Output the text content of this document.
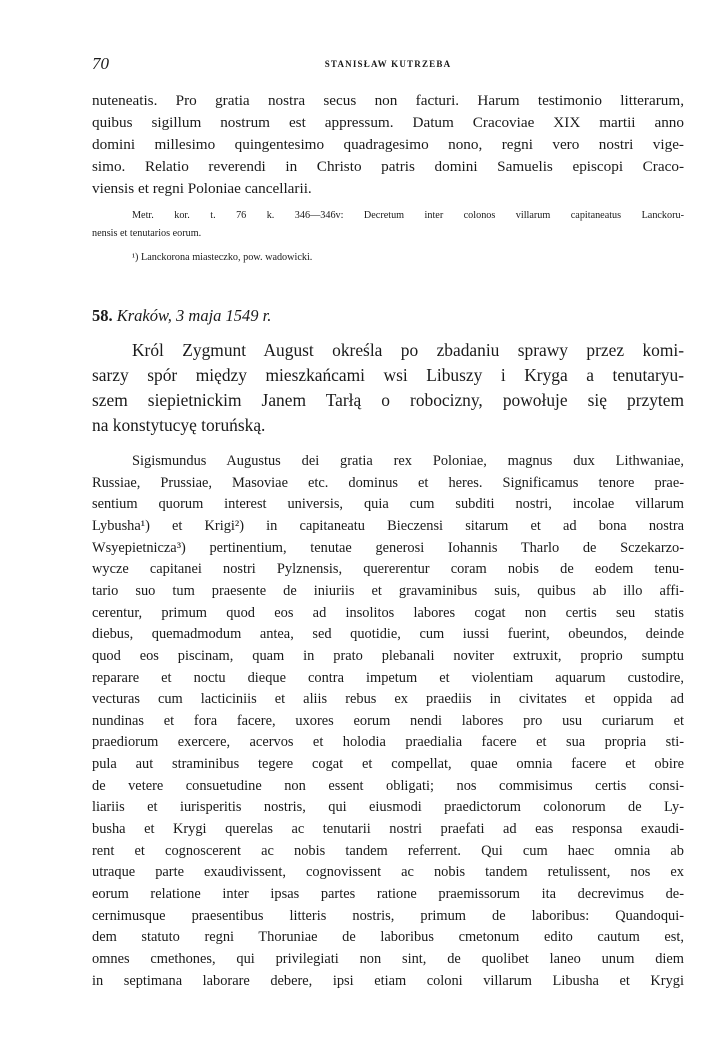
70	STANISŁAW KUTRZEBA
nuteneatis. Pro gratia nostra secus non facturi. Harum testimonio litterarum,
quibus sigillum nostrum est appressum. Datum Cracoviae XIX martii anno
domini millesimo quingentesimo quadragesimo nono, regni vero nostri vige-
simo. Relatio reverendi in Christo patris domini Samuelis episcopi Craco-
viensis et regni Poloniae cancellarii.
Metr. kor. t. 76 k. 346—346v: Decretum inter colonos villarum capitaneatus Lanckoru-
nensis et tenutarios eorum.
¹) Lanckorona miasteczko, pow. wadowicki.
58. Kraków, 3 maja 1549 r.
Król Zygmunt August określa po zbadaniu sprawy przez komi-
sarzy spór między mieszkańcami wsi Libuszy i Kryga a tenutaryu-
szem siepietnickim Janem Tarłą o robocizny, powołuje się przytem
na konstytucyę toruńską.
Sigismundus Augustus dei gratia rex Poloniae, magnus dux Lithwaniae,
Russiae, Prussiae, Masoviae etc. dominus et heres. Significamus tenore prae-
sentium quorum interest universis, quia cum subditi nostri, incolae villarum
Lybusha¹) et Krigi²) in capitaneatu Bieczensi sitarum et ad bona nostra
Wsyepietnicza³) pertinentium, tenutae generosi Iohannis Tharlo de Sczekarzo-
wycze capitanei nostri Pylznensis, quererentur coram nobis de eodem tenu-
tario suo tum praesente de iniuriis et gravaminibus suis, quibus ab illo affi-
cerentur, primum quod eos ad insolitos labores cogat non certis seu statis
diebus, quemadmodum antea, sed quotidie, cum iussi fuerint, obeundos, deinde
quod eos piscinam, quam in prato plebanali noviter extruxit, proprio sumptu
reparare et noctu dieque contra impetum et violentiam aquarum custodire,
vecturas cum lacticiniis et aliis rebus ex praediis in civitates et oppida ad
nundinas et fora facere, uxores eorum nendi labores pro usu curiarum et
praediorum exercere, acervos et holodia praedialia facere et sua propria sti-
pula aut straminibus tegere cogat et compellat, quae omnia facere et obire
de vetere consuetudine non essent obligati; nos commisimus certis consi-
liariis et iurisperitis nostris, qui eiusmodi praedictorum colonorum de Ly-
busha et Krygi querelas ac tenutarii nostri praefati ad eas responsa exaudi-
rent et cognoscerent ac nobis tandem referrent. Qui cum haec omnia ab
utraque parte exaudivissent, cognovissent ac nobis tandem retulissent, nos ex
eorum relatione inter ipsas partes ratione praemissorum ita decrevimus de-
cernimusque praesentibus litteris nostris, primum de laboribus: Quandoqui-
dem statuto regni Thoruniae de laboribus cmetonum edito cautum est,
omnes cmethones, qui privilegiati non sint, de quolibet laneo unum diem
in septimana laborare debere, ipsi etiam coloni villarum Libusha et Krygi
